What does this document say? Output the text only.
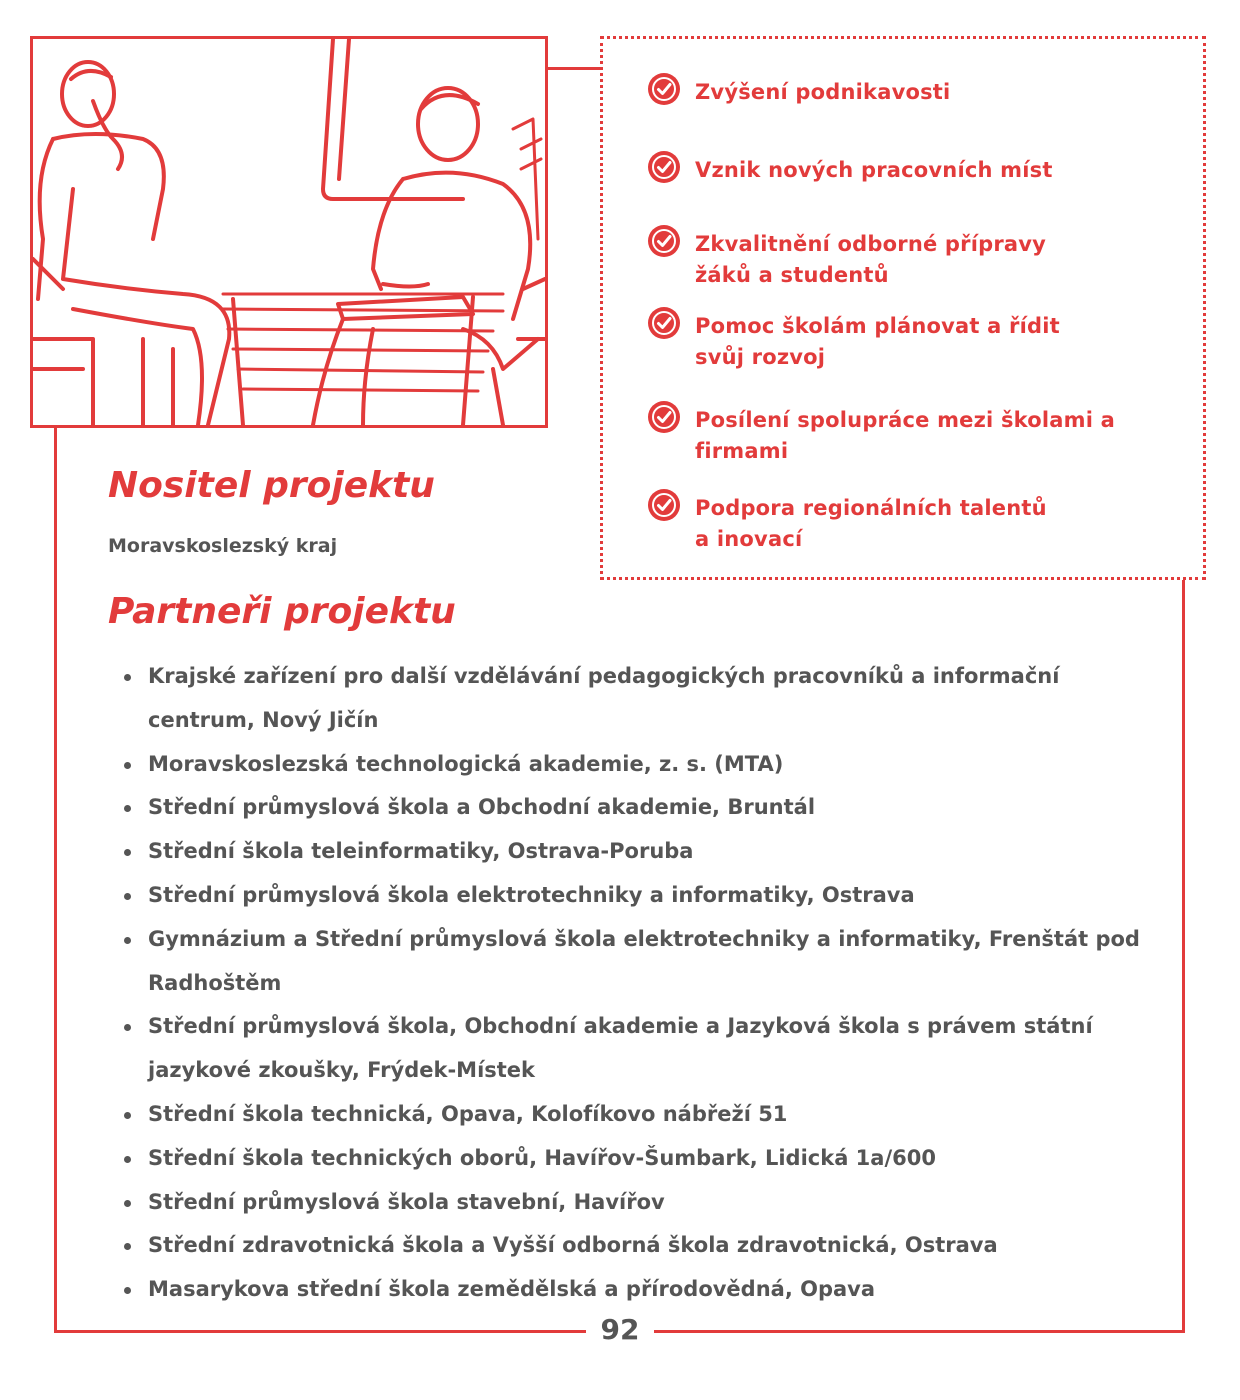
Zvýšení podnikavosti
Vznik nových pracovních míst
Zkvalitnění odborné přípravy žáků a studentů
Pomoc školám plánovat a řídit svůj rozvoj
Posílení spolupráce mezi školami a firmami
Podpora regionálních talentů a inovací
Nositel projektu
Moravskoslezský kraj
Partneři projektu
Krajské zařízení pro další vzdělávání pedagogických pracovníků a informační centrum, Nový Jičín
Moravskoslezská technologická akademie, z. s. (MTA)
Střední průmyslová škola a Obchodní akademie, Bruntál
Střední škola teleinformatiky, Ostrava-Poruba
Střední průmyslová škola elektrotechniky a informatiky, Ostrava
Gymnázium a Střední průmyslová škola elektrotechniky a informatiky, Frenštát pod Radhoštěm
Střední průmyslová škola, Obchodní akademie a Jazyková škola s právem státní jazykové zkoušky, Frýdek-Místek
Střední škola technická, Opava, Kolofíkovo nábřeží 51
Střední škola technických oborů, Havířov-Šumbark, Lidická 1a/600
Střední průmyslová škola stavební, Havířov
Střední zdravotnická škola a Vyšší odborná škola zdravotnická, Ostrava
Masarykova střední škola zemědělská a přírodovědná, Opava
92
